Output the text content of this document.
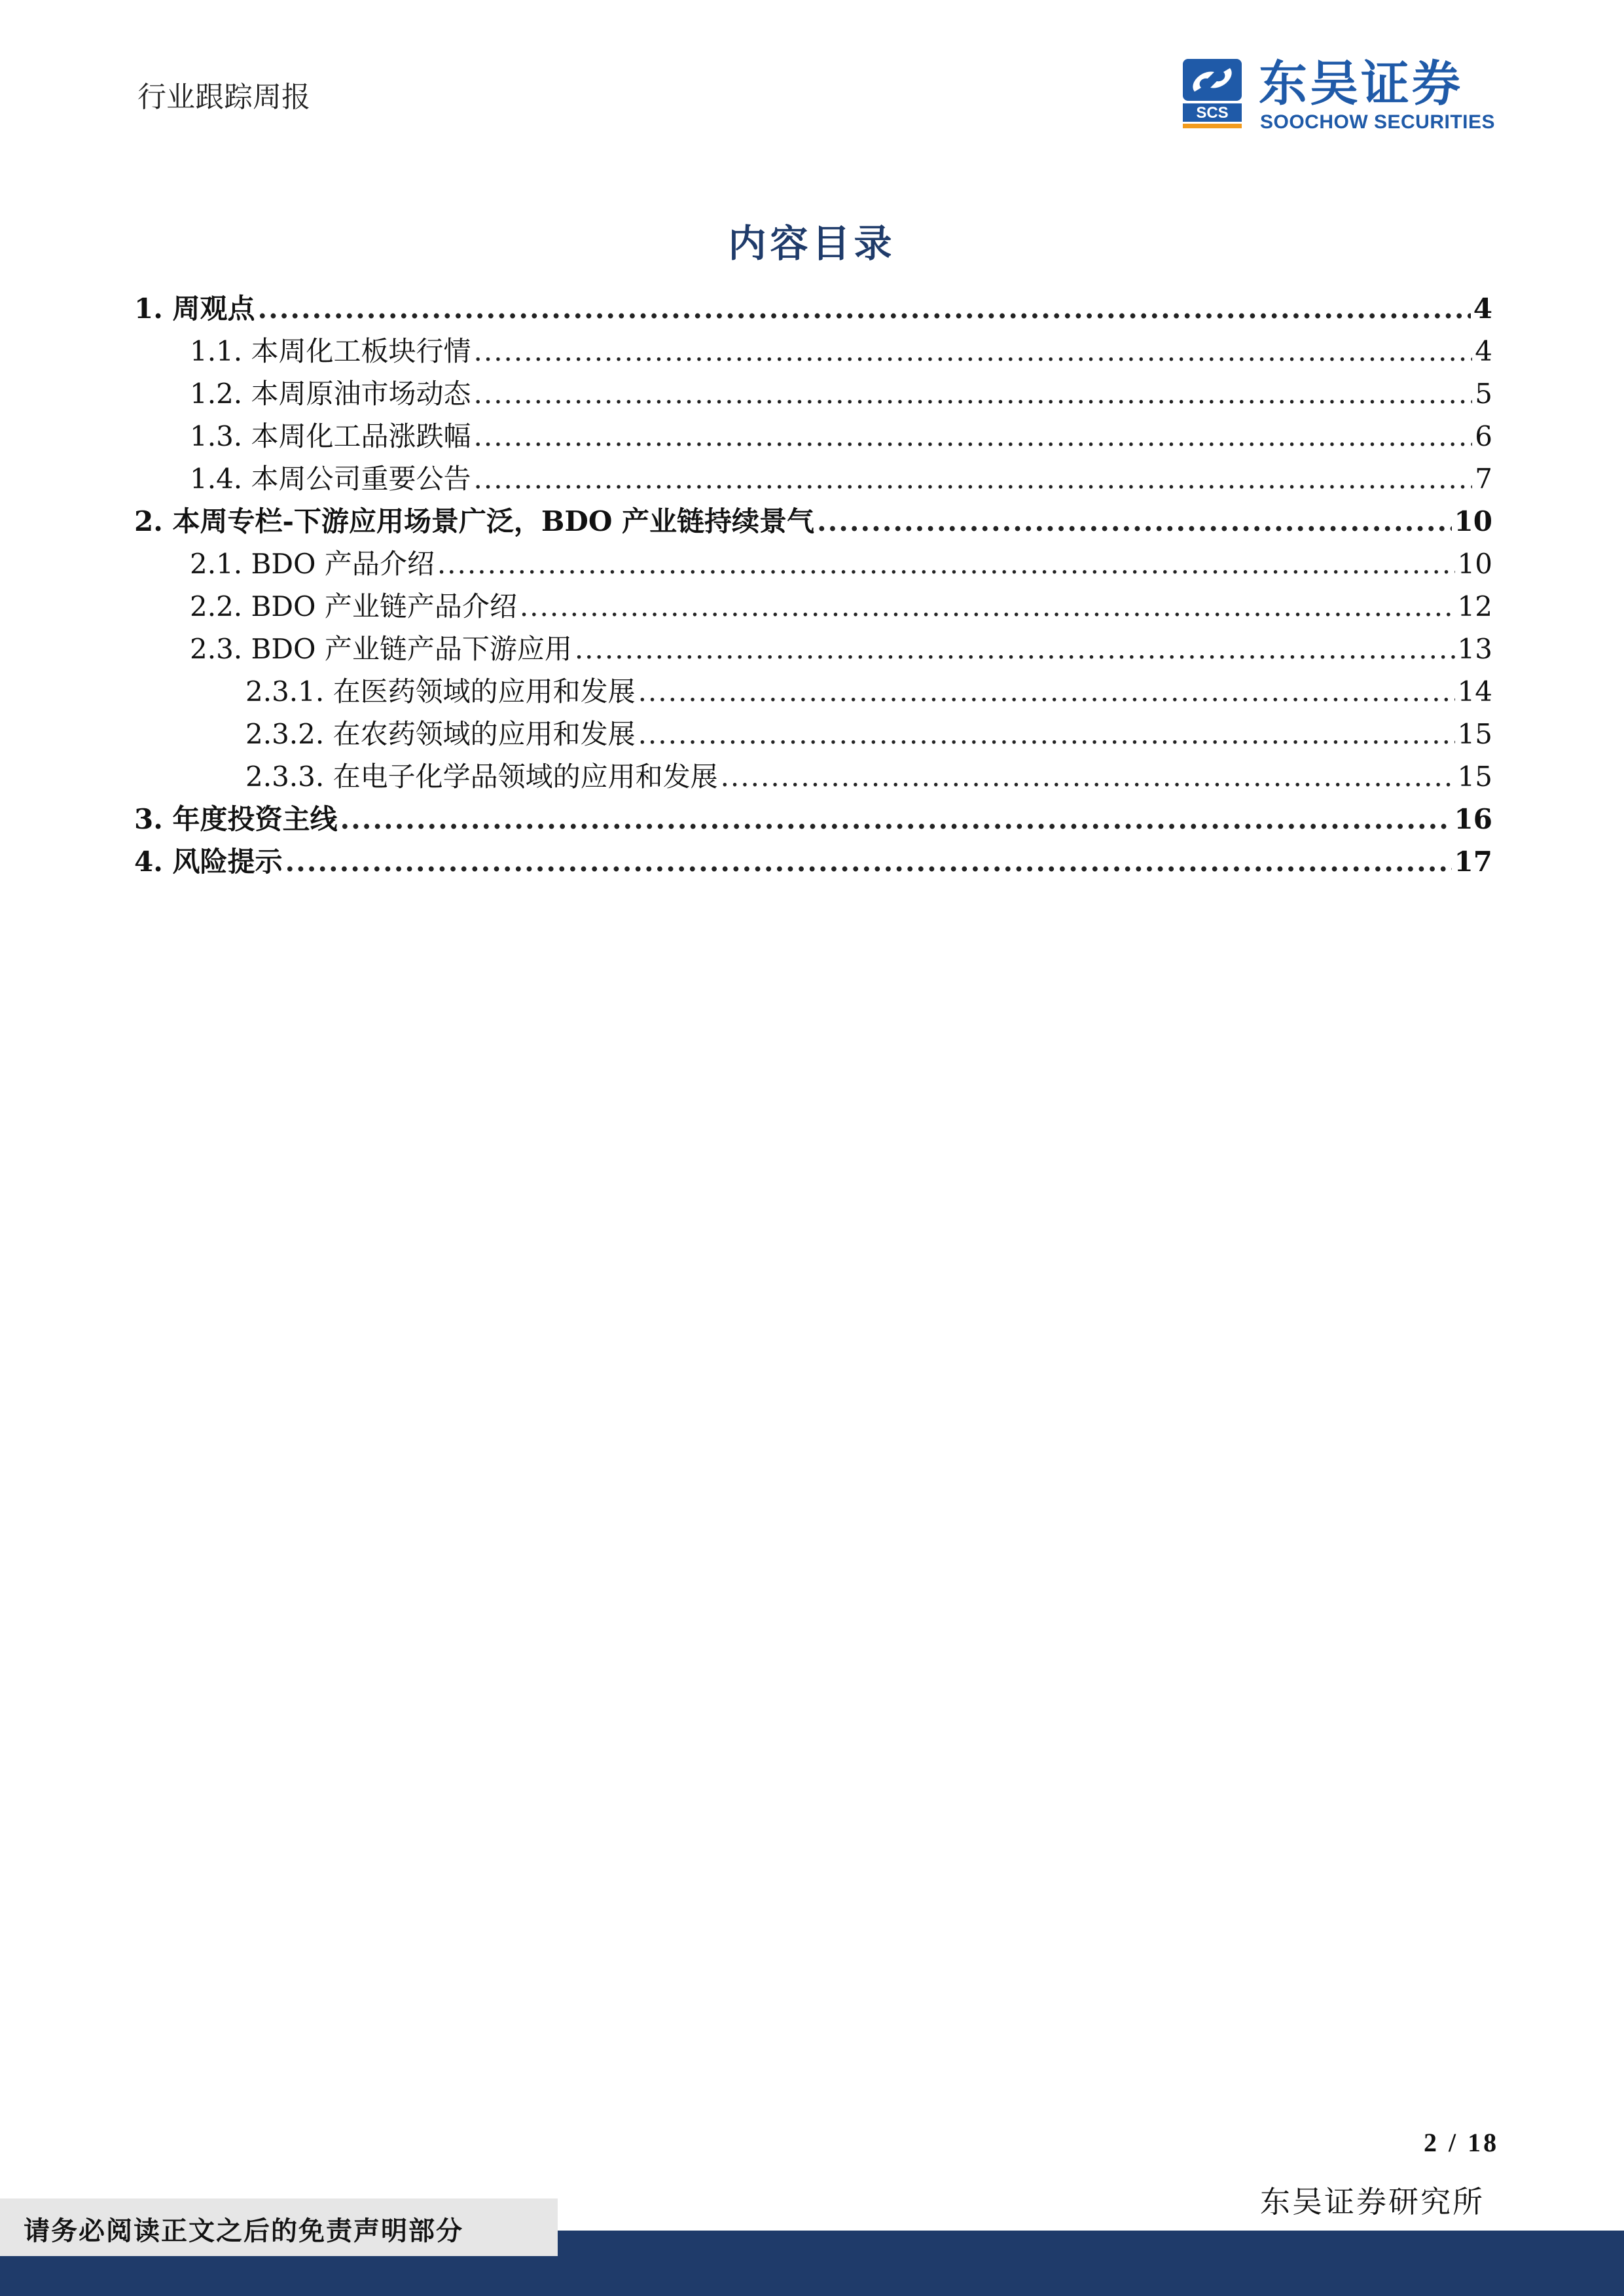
行业跟踪周报	SCS
东吴证券
SOOCHOW SECURITIES
内容目录
1. 周观点 .....	4
1.1. 本周化工板块行情 .....	4
1.2. 本周原油市场动态 .....	5
1.3. 本周化工品涨跌幅 .....	6
1.4. 本周公司重要公告 .....	7
2. 本周专栏-下游应用场景广泛，BDO 产业链持续景气 .....	10
2.1. BDO 产品介绍 .....	10
2.2. BDO 产业链产品介绍 .....	12
2.3. BDO 产业链产品下游应用 .....	13
2.3.1. 在医药领域的应用和发展 .....	14
2.3.2. 在农药领域的应用和发展 .....	15
2.3.3. 在电子化学品领域的应用和发展 .....	15
3. 年度投资主线 .....	16
4. 风险提示 .....	17
2 / 18
请务必阅读正文之后的免责声明部分
东吴证券研究所
